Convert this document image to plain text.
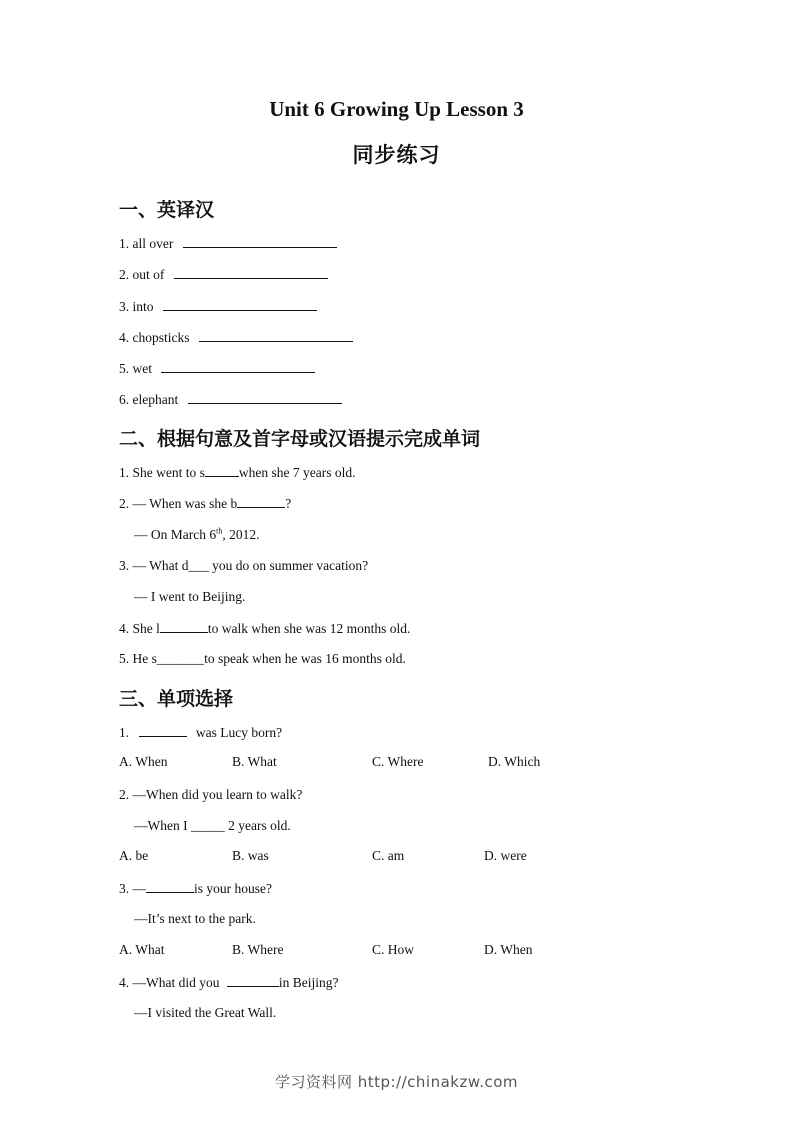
Unit 6 Growing Up Lesson 3
同步练习
一、英译汉
1. all over
2. out of
3. into
4. chopsticks
5. wet
6. elephant
二、根据句意及首字母或汉语提示完成单词
1. She went to s	when she 7 years old.
2. — When was she b	?
— On March 6th, 2012.
3. — What d___ you do on summer vacation?
— I went to Beijing.
4. She l	to walk when she was 12 months old.
5. He s_______to speak when he was 16 months old.
三、单项选择
1.	was Lucy born?
A. When	B. What	C. Where	D. Which
2. —When did you learn to walk?
—When I _____ 2 years old.
A. be	B. was	C. am	D. were
3. —	is your house?
—It’s next to the park.
A. What	B. Where	C. How	D. When
4. —What did you	in Beijing?
—I visited the Great Wall.
学习资料网 http://chinakzw.com
